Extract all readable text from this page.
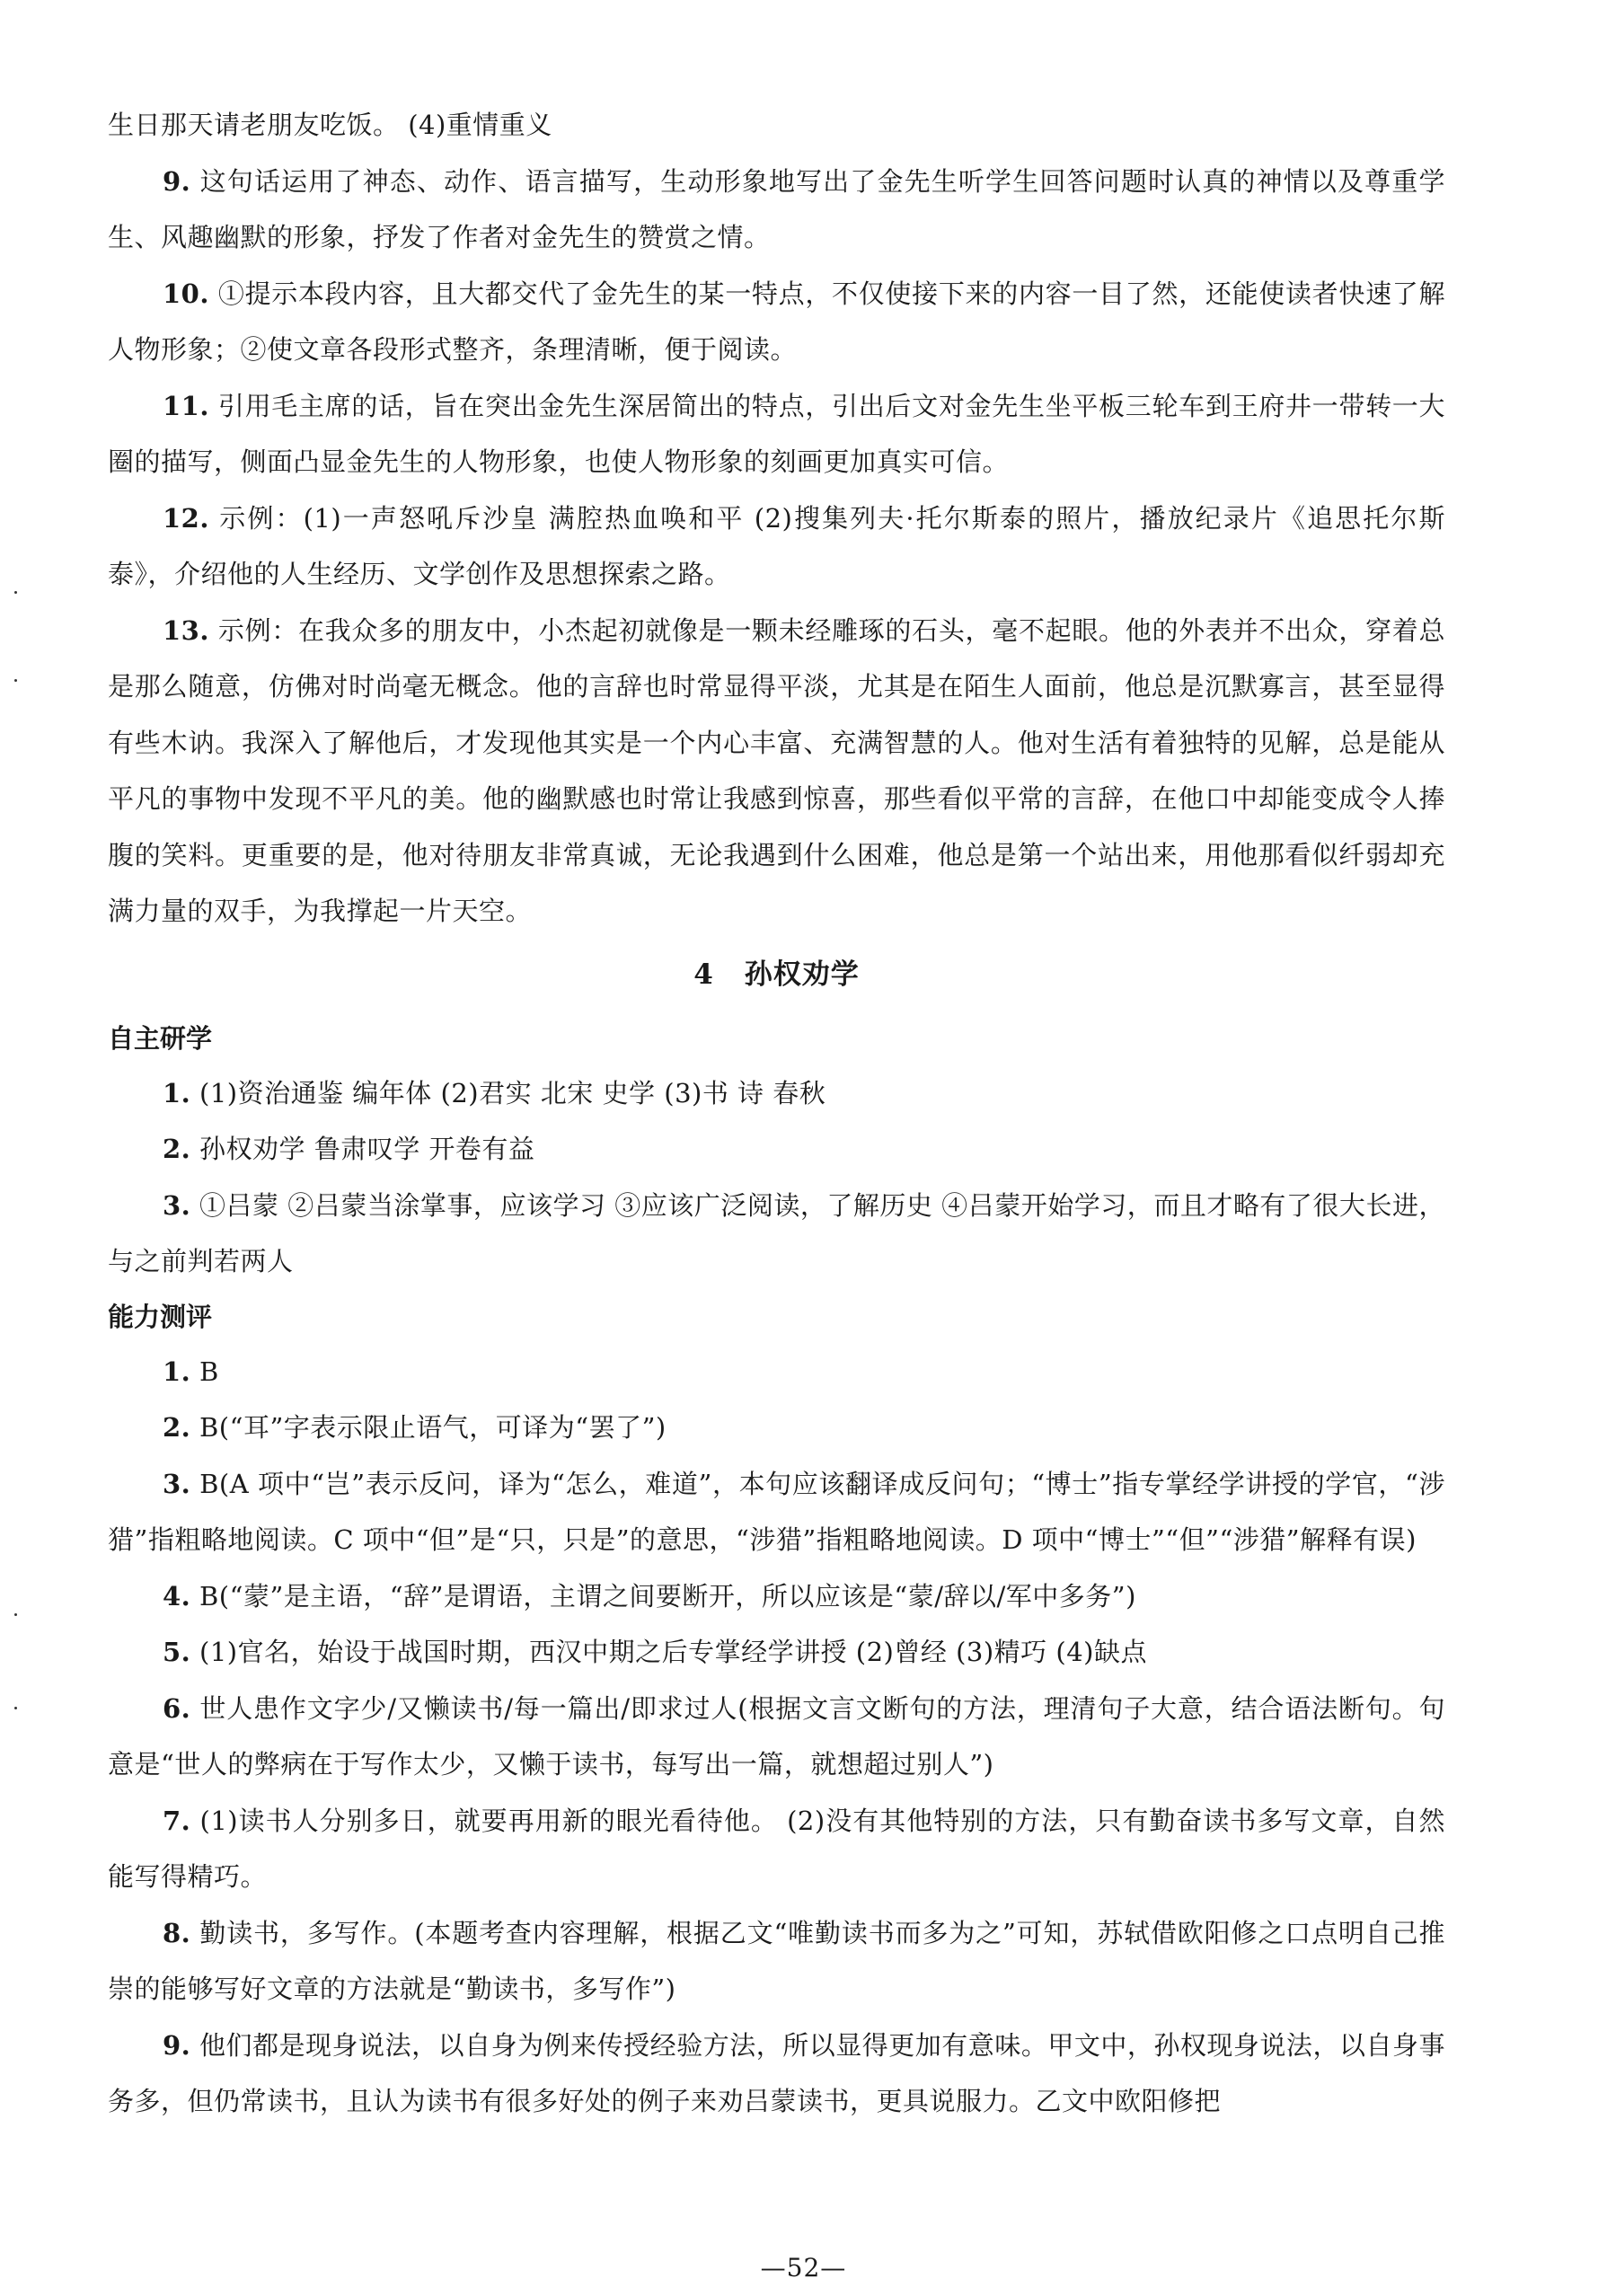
生日那天请老朋友吃饭。 (4)重情重义

9. 这句话运用了神态、动作、语言描写，生动形象地写出了金先生听学生回答问题时认真的神情以及尊重学生、风趣幽默的形象，抒发了作者对金先生的赞赏之情。

10. ①提示本段内容，且大都交代了金先生的某一特点，不仅使接下来的内容一目了然，还能使读者快速了解人物形象；②使文章各段形式整齐，条理清晰，便于阅读。

11. 引用毛主席的话，旨在突出金先生深居简出的特点，引出后文对金先生坐平板三轮车到王府井一带转一大圈的描写，侧面凸显金先生的人物形象，也使人物形象的刻画更加真实可信。

12. 示例：(1)一声怒吼斥沙皇 满腔热血唤和平 (2)搜集列夫·托尔斯泰的照片，播放纪录片《追思托尔斯泰》，介绍他的人生经历、文学创作及思想探索之路。

13. 示例：在我众多的朋友中，小杰起初就像是一颗未经雕琢的石头，毫不起眼。他的外表并不出众，穿着总是那么随意，仿佛对时尚毫无概念。他的言辞也时常显得平淡，尤其是在陌生人面前，他总是沉默寡言，甚至显得有些木讷。我深入了解他后，才发现他其实是一个内心丰富、充满智慧的人。他对生活有着独特的见解，总是能从平凡的事物中发现不平凡的美。他的幽默感也时常让我感到惊喜，那些看似平常的言辞，在他口中却能变成令人捧腹的笑料。更重要的是，他对待朋友非常真诚，无论我遇到什么困难，他总是第一个站出来，用他那看似纤弱却充满力量的双手，为我撑起一片天空。

4 孙权劝学

自主研学

1. (1)资治通鉴 编年体 (2)君实 北宋 史学 (3)书 诗 春秋

2. 孙权劝学 鲁肃叹学 开卷有益

3. ①吕蒙 ②吕蒙当涂掌事，应该学习 ③应该广泛阅读，了解历史 ④吕蒙开始学习，而且才略有了很大长进，与之前判若两人

能力测评

1. B

2. B(“耳”字表示限止语气，可译为“罢了”)

3. B(A 项中“岂”表示反问，译为“怎么，难道”，本句应该翻译成反问句；“博士”指专掌经学讲授的学官，“涉猎”指粗略地阅读。C 项中“但”是“只，只是”的意思，“涉猎”指粗略地阅读。D 项中“博士”“但”“涉猎”解释有误)

4. B(“蒙”是主语，“辞”是谓语，主谓之间要断开，所以应该是“蒙/辞以/军中多务”)

5. (1)官名，始设于战国时期，西汉中期之后专掌经学讲授 (2)曾经 (3)精巧 (4)缺点

6. 世人患作文字少/又懒读书/每一篇出/即求过人(根据文言文断句的方法，理清句子大意，结合语法断句。句意是“世人的弊病在于写作太少，又懒于读书，每写出一篇，就想超过别人”)

7. (1)读书人分别多日，就要再用新的眼光看待他。 (2)没有其他特别的方法，只有勤奋读书多写文章，自然能写得精巧。

8. 勤读书，多写作。(本题考查内容理解，根据乙文“唯勤读书而多为之”可知，苏轼借欧阳修之口点明自己推崇的能够写好文章的方法就是“勤读书，多写作”)

9. 他们都是现身说法，以自身为例来传授经验方法，所以显得更加有意味。甲文中，孙权现身说法，以自身事务多，但仍常读书，且认为读书有很多好处的例子来劝吕蒙读书，更具说服力。乙文中欧阳修把

—52—
